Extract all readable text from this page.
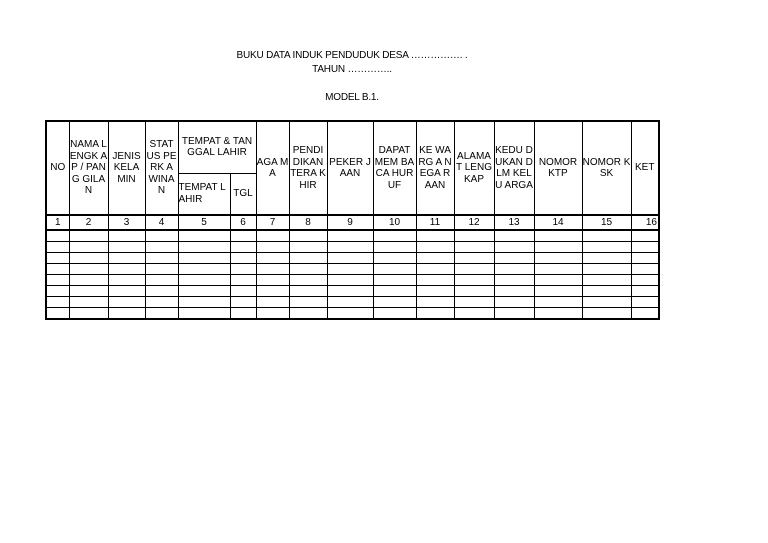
BUKU DATA INDUK PENDUDUK DESA ……………. .
TAHUN …………..
MODEL B.1.
NO	NAMA LENGK AP / PANG GILAN	JENIS KELA MIN	STAT US PERK A WINA N	TEMPAT & TANGGAL LAHIR		AGA MA	PENDI DIKAN TERA KHIR	PEKER JAAN	DAPAT MEM BACA HURUF	KE WARG A NEGA RAAN	ALAMA T LENG KAP	KEDU DUKAN DLM KELU ARGA	NOMOR KTP	NOMOR KSK	KET
				TEMPAT LAHIR	TGL										
1	2	3	4	5	6	7	8	9	10	11	12	13	14	15	16
